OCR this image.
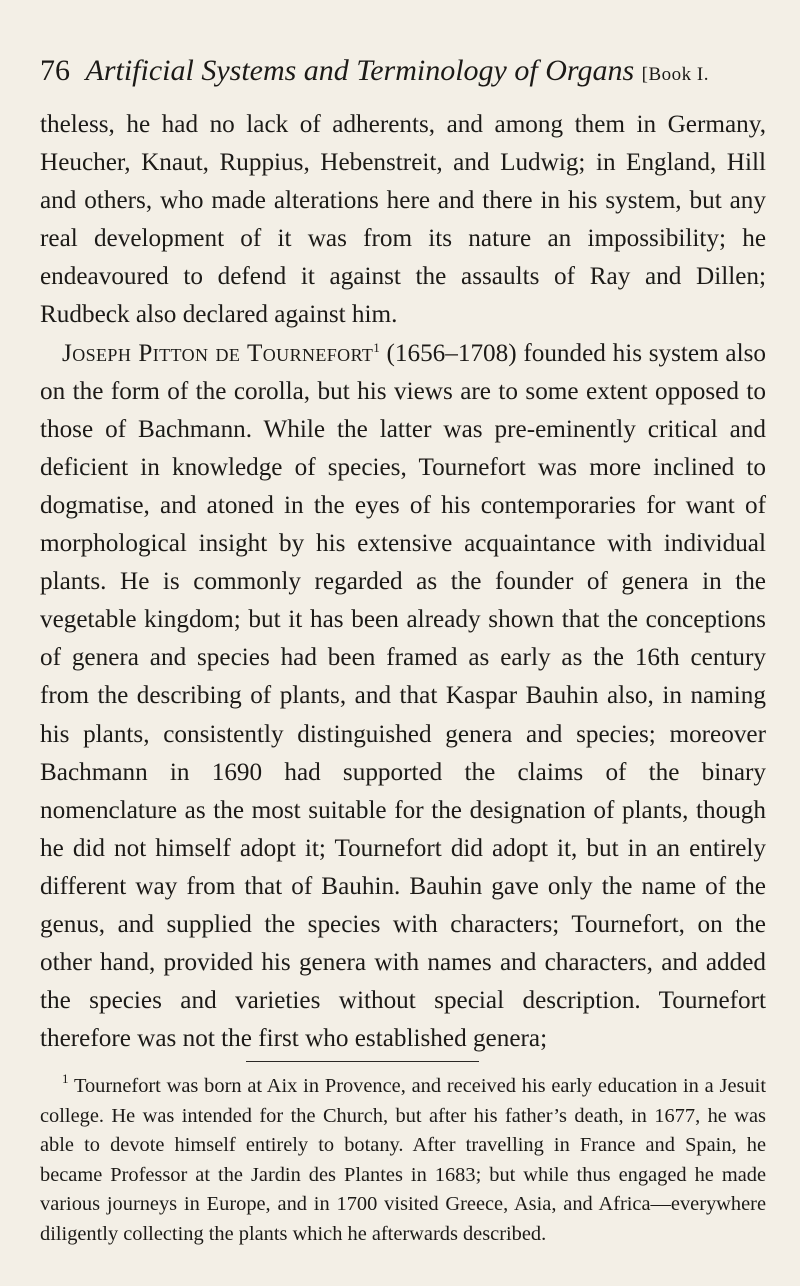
76 Artificial Systems and Terminology of Organs [Book I.

theless, he had no lack of adherents, and among them in Germany, Heucher, Knaut, Ruppius, Hebenstreit, and Ludwig; in England, Hill and others, who made alterations here and there in his system, but any real development of it was from its nature an impossibility; he endeavoured to defend it against the assaults of Ray and Dillen; Rudbeck also declared against him.

Joseph Pitton de Tournefort$^1$ (1656–1708) founded his system also on the form of the corolla, but his views are to some extent opposed to those of Bachmann. While the latter was pre-eminently critical and deficient in knowledge of species, Tournefort was more inclined to dogmatise, and atoned in the eyes of his contemporaries for want of morphological insight by his extensive acquaintance with individual plants. He is commonly regarded as the founder of genera in the vegetable kingdom; but it has been already shown that the conceptions of genera and species had been framed as early as the 16th century from the describing of plants, and that Kaspar Bauhin also, in naming his plants, consistently distinguished genera and species; moreover Bachmann in 1690 had supported the claims of the binary nomenclature as the most suitable for the designation of plants, though he did not himself adopt it; Tournefort did adopt it, but in an entirely different way from that of Bauhin. Bauhin gave only the name of the genus, and supplied the species with characters; Tournefort, on the other hand, provided his genera with names and characters, and added the species and varieties without special description. Tournefort therefore was not the first who established genera;

$^1$ Tournefort was born at Aix in Provence, and received his early education in a Jesuit college. He was intended for the Church, but after his father’s death, in 1677, he was able to devote himself entirely to botany. After travelling in France and Spain, he became Professor at the Jardin des Plantes in 1683; but while thus engaged he made various journeys in Europe, and in 1700 visited Greece, Asia, and Africa—everywhere diligently collecting the plants which he afterwards described.
